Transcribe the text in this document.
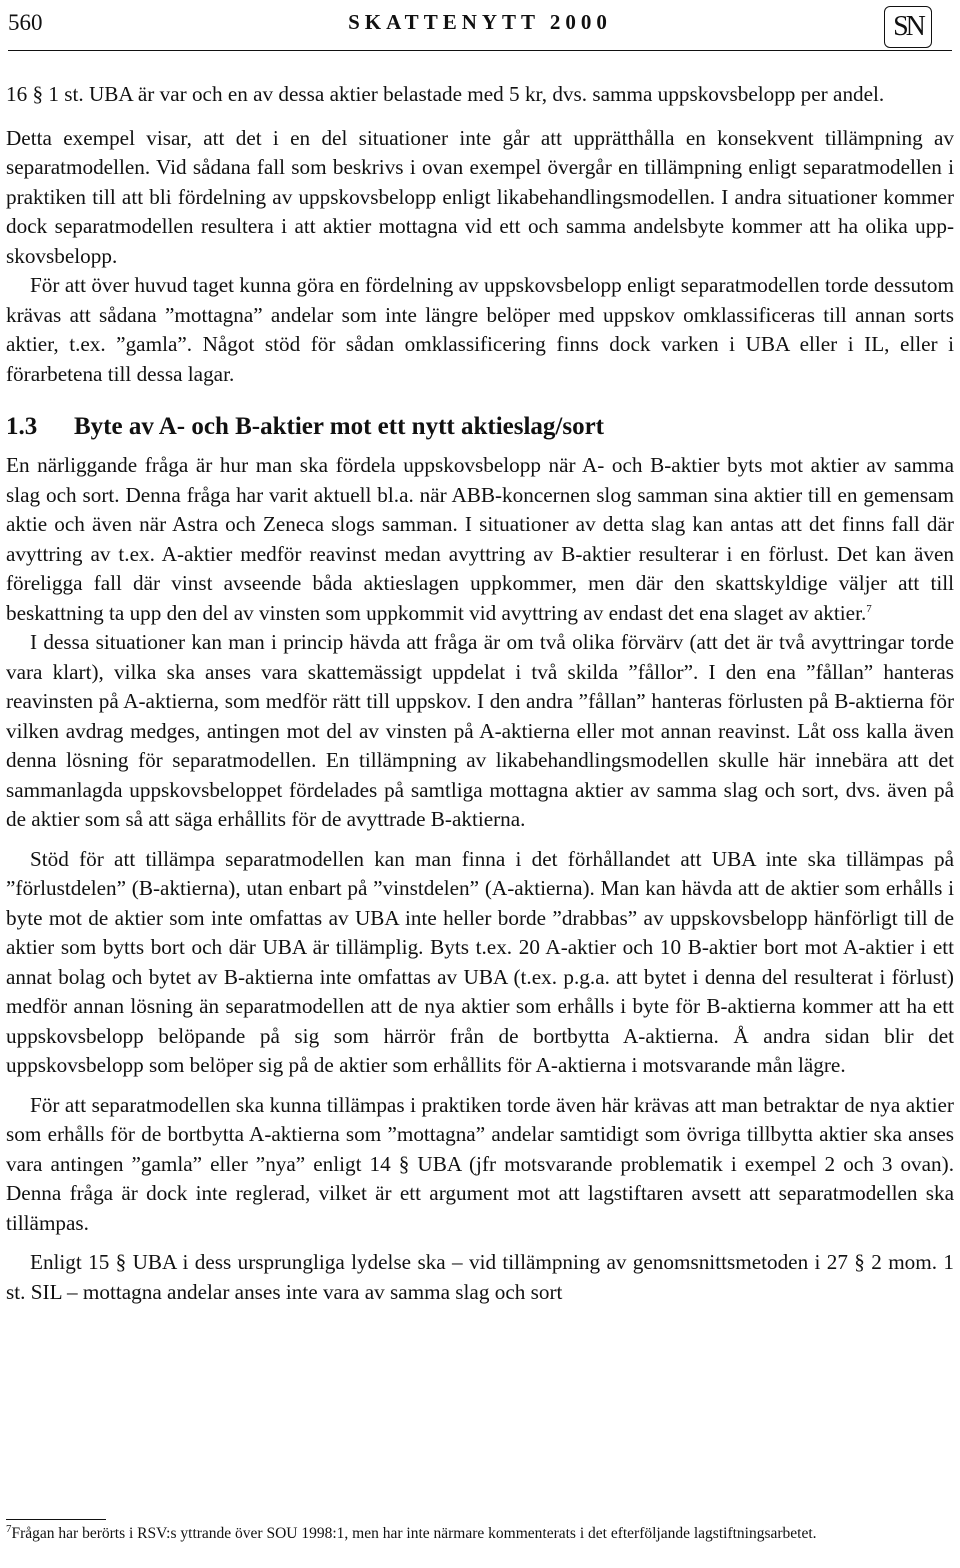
560	SKATTENYTT 2000	SN

16 § 1 st. UBA är var och en av dessa aktier belastade med 5 kr, dvs. samma uppskovsbelopp per andel.

Detta exempel visar, att det i en del situationer inte går att upprätthålla en konsekvent tillämpning av separatmodellen. Vid sådana fall som beskrivs i ovan exempel övergår en tillämpning enligt separatmodellen i praktiken till att bli fördelning av uppskovsbelopp enligt likabehandlingsmodellen. I andra situationer kommer dock separatmodellen resultera i att aktier mottagna vid ett och samma andelsbyte kommer att ha olika uppskovsbelopp.

För att över huvud taget kunna göra en fördelning av uppskovsbelopp enligt separatmodellen torde dessutom krävas att sådana ”mottagna” andelar som inte längre belöper med uppskov omklassificeras till annan sorts aktier, t.ex. ”gamla”. Något stöd för sådan omklassificering finns dock varken i UBA eller i IL, eller i förarbetena till dessa lagar.

1.3	Byte av A- och B-aktier mot ett nytt aktieslag/sort

En närliggande fråga är hur man ska fördela uppskovsbelopp när A- och B-aktier byts mot aktier av samma slag och sort. Denna fråga har varit aktuell bl.a. när ABB-koncernen slog samman sina aktier till en gemensam aktie och även när Astra och Zeneca slogs samman. I situationer av detta slag kan antas att det finns fall där avyttring av t.ex. A-aktier medför reavinst medan avyttring av B-aktier resulterar i en förlust. Det kan även föreligga fall där vinst avseende båda aktieslagen uppkommer, men där den skattskyldige väljer att till beskattning ta upp den del av vinsten som uppkommit vid avyttring av endast det ena slaget av aktier.$^7$

I dessa situationer kan man i princip hävda att fråga är om två olika förvärv (att det är två avyttringar torde vara klart), vilka ska anses vara skattemässigt uppdelat i två skilda ”fållor”. I den ena ”fållan” hanteras reavinsten på A-aktierna, som medför rätt till uppskov. I den andra ”fållan” hanteras förlusten på B-aktierna för vilken avdrag medges, antingen mot del av vinsten på A-aktierna eller mot annan reavinst. Låt oss kalla även denna lösning för separatmodellen. En tillämpning av likabehandlingsmodellen skulle här innebära att det sammanlagda uppskovsbeloppet fördelades på samtliga mottagna aktier av samma slag och sort, dvs. även på de aktier som så att säga erhållits för de avyttrade B-aktierna.

Stöd för att tillämpa separatmodellen kan man finna i det förhållandet att UBA inte ska tillämpas på ”förlustdelen” (B-aktierna), utan enbart på ”vinstdelen” (A-aktierna). Man kan hävda att de aktier som erhålls i byte mot de aktier som inte omfattas av UBA inte heller borde ”drabbas” av uppskovsbelopp hänförligt till de aktier som bytts bort och där UBA är tillämplig. Byts t.ex. 20 A-aktier och 10 B-aktier bort mot A-aktier i ett annat bolag och bytet av B-aktierna inte omfattas av UBA (t.ex. p.g.a. att bytet i denna del resulterat i förlust) medför annan lösning än separatmodellen att de nya aktier som erhålls i byte för B-aktierna kommer att ha ett uppskovsbelopp belöpande på sig som härrör från de bortbytta A-aktierna. Å andra sidan blir det uppskovsbelopp som belöper sig på de aktier som erhållits för A-aktierna i motsvarande mån lägre.

För att separatmodellen ska kunna tillämpas i praktiken torde även här krävas att man betraktar de nya aktier som erhålls för de bortbytta A-aktierna som ”mottagna” andelar samtidigt som övriga tillbytta aktier ska anses vara antingen ”gamla” eller ”nya” enligt 14 § UBA (jfr motsvarande problematik i exempel 2 och 3 ovan). Denna fråga är dock inte reglerad, vilket är ett argument mot att lagstiftaren avsett att separatmodellen ska tillämpas.

Enligt 15 § UBA i dess ursprungliga lydelse ska – vid tillämpning av genomsnittsmetoden i 27 § 2 mom. 1 st. SIL – mottagna andelar anses inte vara av samma slag och sort

$^7$Frågan har berörts i RSV:s yttrande över SOU 1998:1, men har inte närmare kommenterats i det efterföljande lagstiftningsarbetet.
